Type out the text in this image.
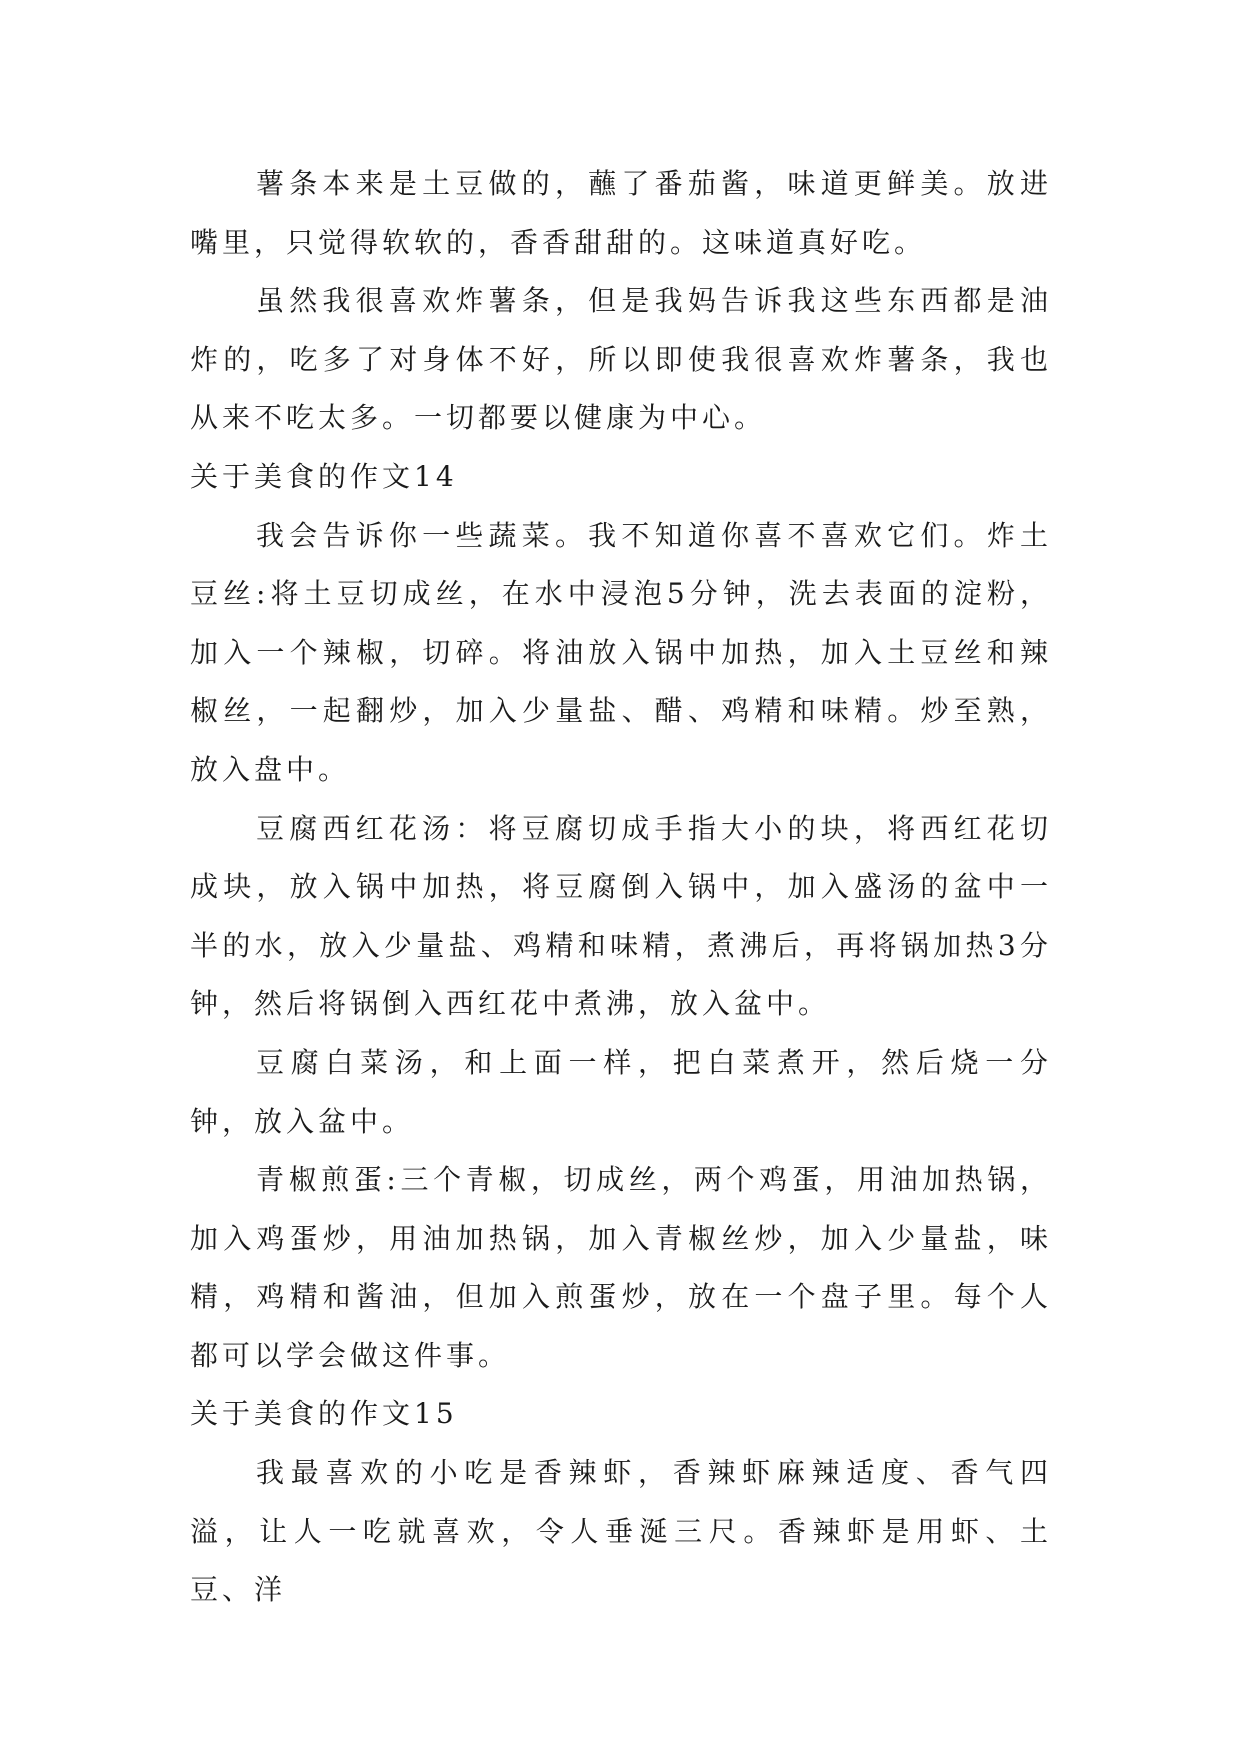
薯条本来是土豆做的，蘸了番茄酱，味道更鲜美。放进嘴里，只觉得软软的，香香甜甜的。这味道真好吃。

虽然我很喜欢炸薯条，但是我妈告诉我这些东西都是油炸的，吃多了对身体不好，所以即使我很喜欢炸薯条，我也从来不吃太多。一切都要以健康为中心。

关于美食的作文14

我会告诉你一些蔬菜。我不知道你喜不喜欢它们。炸土豆丝:将土豆切成丝，在水中浸泡5分钟，洗去表面的淀粉，加入一个辣椒，切碎。将油放入锅中加热，加入土豆丝和辣椒丝，一起翻炒，加入少量盐、醋、鸡精和味精。炒至熟，放入盘中。

豆腐西红花汤：将豆腐切成手指大小的块，将西红花切成块，放入锅中加热，将豆腐倒入锅中，加入盛汤的盆中一半的水，放入少量盐、鸡精和味精，煮沸后，再将锅加热3分钟，然后将锅倒入西红花中煮沸，放入盆中。

豆腐白菜汤，和上面一样，把白菜煮开，然后烧一分钟，放入盆中。

青椒煎蛋:三个青椒，切成丝，两个鸡蛋，用油加热锅，加入鸡蛋炒，用油加热锅，加入青椒丝炒，加入少量盐，味精，鸡精和酱油，但加入煎蛋炒，放在一个盘子里。每个人都可以学会做这件事。

关于美食的作文15

我最喜欢的小吃是香辣虾，香辣虾麻辣适度、香气四溢，让人一吃就喜欢，令人垂涎三尺。香辣虾是用虾、土豆、洋
